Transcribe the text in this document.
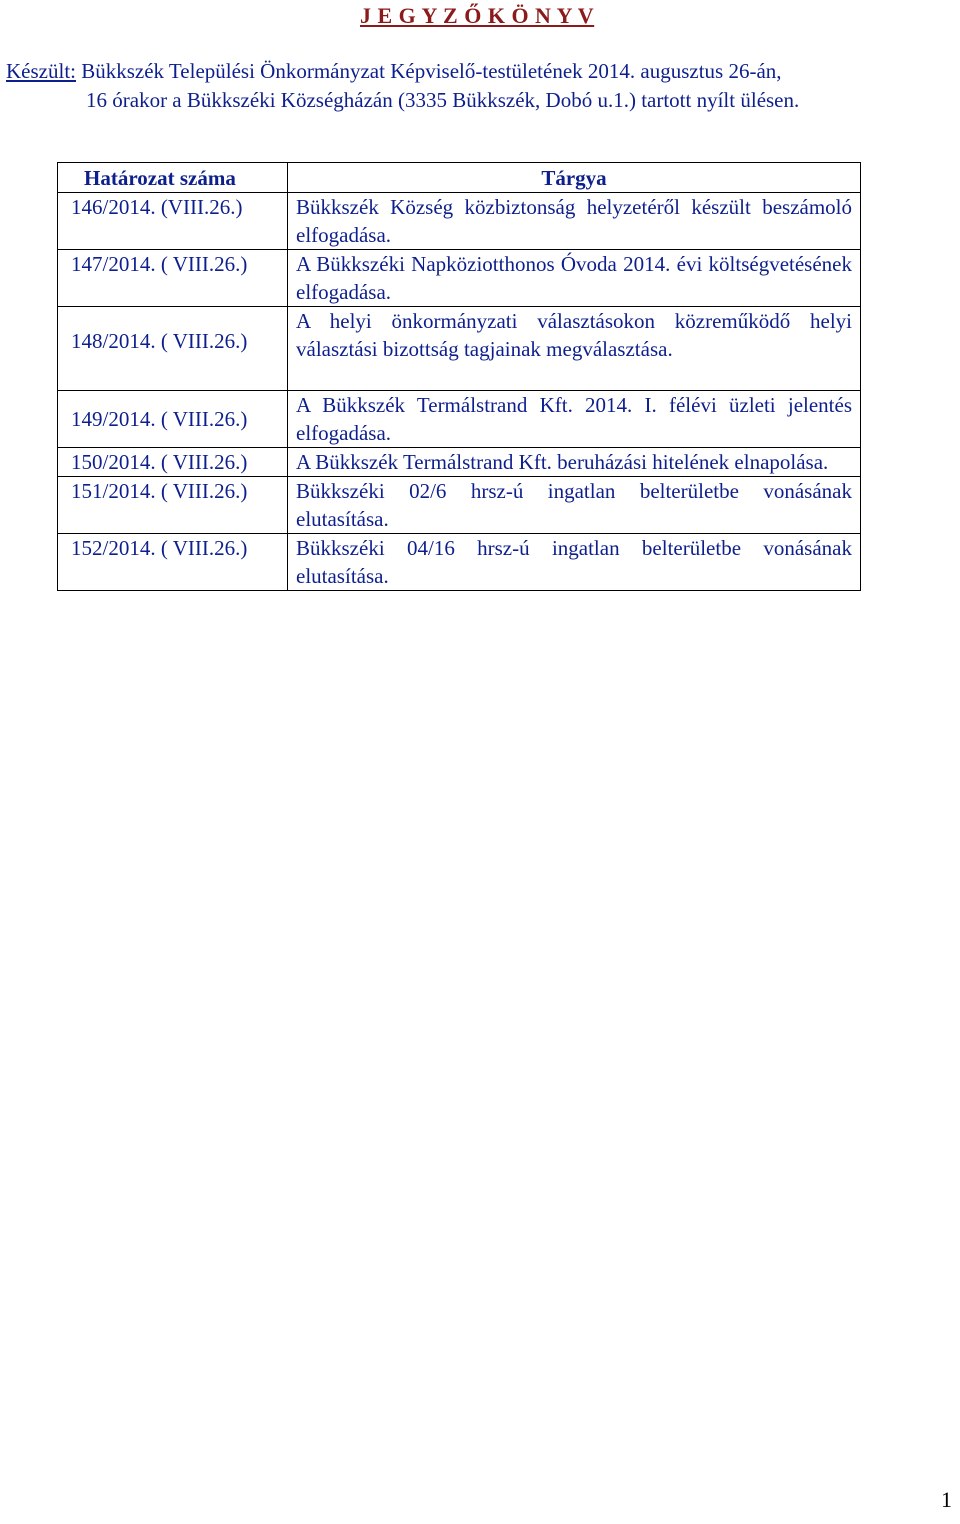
J E G Y Z Ő K Ö N Y V
Készült: Bükkszék Települési Önkormányzat Képviselő-testületének 2014. augusztus 26-án,
16 órakor a Bükkszéki Községházán (3335 Bükkszék, Dobó u.1.) tartott nyílt ülésen.
Határozat száma	Tárgya
146/2014. (VIII.26.)	Bükkszék Község közbiztonság helyzetéről készült beszámoló elfogadása.
147/2014. ( VIII.26.)	A Bükkszéki Napköziotthonos Óvoda 2014. évi költségvetésének elfogadása.
148/2014. ( VIII.26.)	A helyi önkormányzati választásokon közreműködő helyi választási bizottság tagjainak megválasztása.
149/2014. ( VIII.26.)	A Bükkszék Termálstrand Kft. 2014. I. félévi üzleti jelentés elfogadása.
150/2014. ( VIII.26.)	A Bükkszék Termálstrand Kft. beruházási hitelének elnapolása.
151/2014. ( VIII.26.)	Bükkszéki 02/6 hrsz-ú ingatlan belterületbe vonásának elutasítása.
152/2014. ( VIII.26.)	Bükkszéki 04/16 hrsz-ú ingatlan belterületbe vonásának elutasítása.
1
